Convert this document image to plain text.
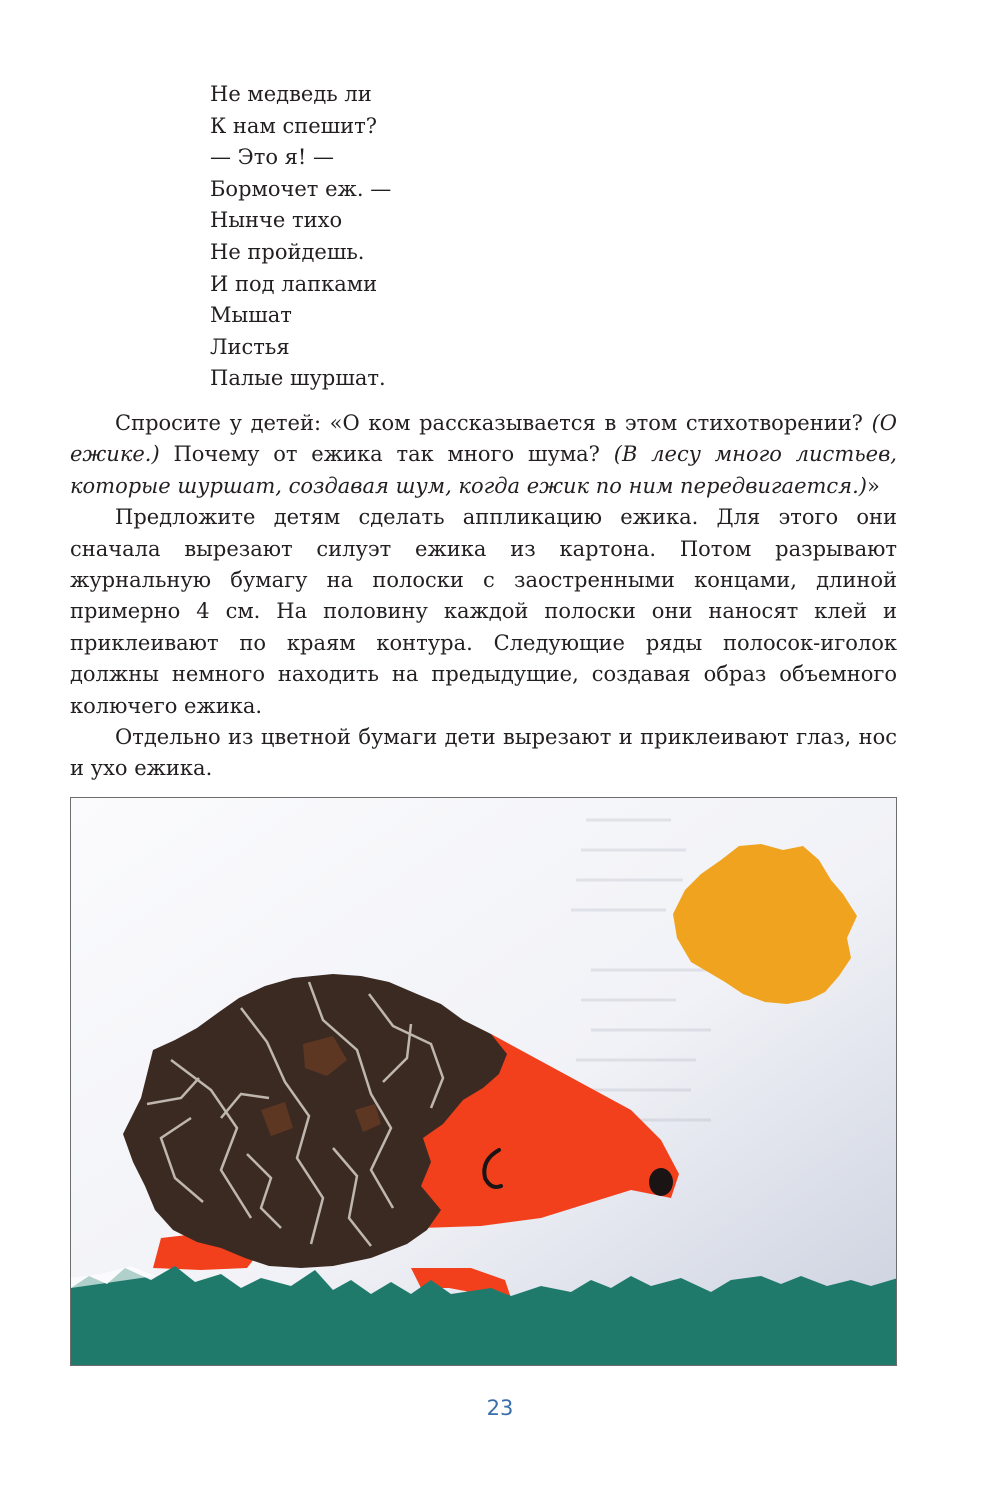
Не медведь ли
К нам спешит?
— Это я! —
Бормочет еж. —
Нынче тихо
Не пройдешь.
И под лапками
Мышат
Листья
Палые шуршат.

Спросите у детей: «О ком рассказывается в этом стихотворении? (О ежике.) Почему от ежика так много шума? (В лесу много листьев, которые шуршат, создавая шум, когда ежик по ним передвигается.)»

Предложите детям сделать аппликацию ежика. Для этого они сначала вырезают силуэт ежика из картона. Потом разрывают журнальную бумагу на полоски с заостренными концами, длиной примерно 4 см. На половину каждой полоски они наносят клей и приклеивают по краям контура. Следующие ряды полосок-иголок должны немного находить на предыдущие, создавая образ объемного колючего ежика.

Отдельно из цветной бумаги дети вырезают и приклеивают глаз, нос и ухо ежика.

23
